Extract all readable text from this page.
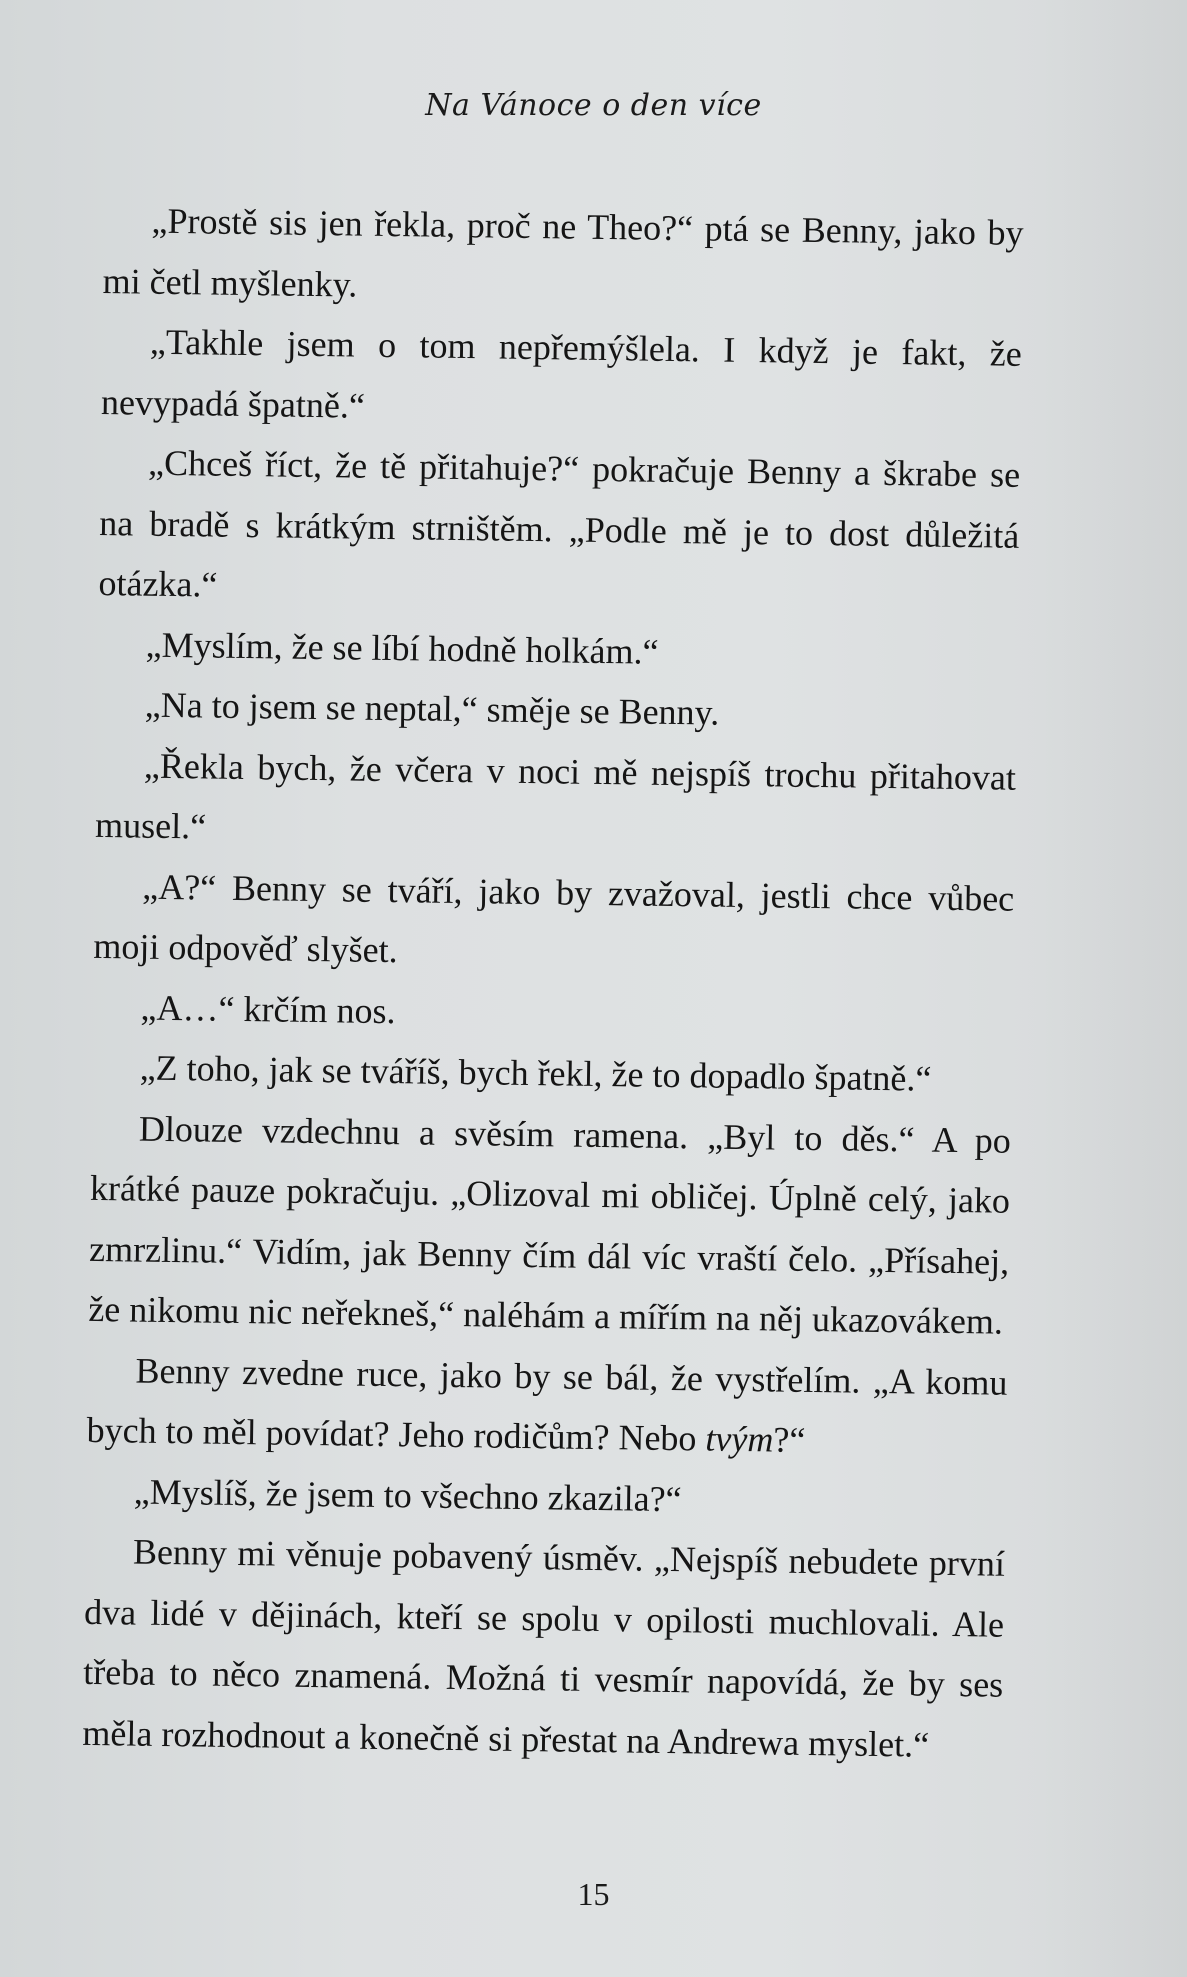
Na Vánoce o den více

„Prostě sis jen řekla, proč ne Theo?“ ptá se Benny, jako by mi četl myšlenky.

„Takhle jsem o tom nepřemýšlela. I když je fakt, že nevypadá špatně.“

„Chceš říct, že tě přitahuje?“ pokračuje Benny a škrabe se na bradě s krátkým strništěm. „Podle mě je to dost důležitá otázka.“

„Myslím, že se líbí hodně holkám.“

„Na to jsem se neptal,“ směje se Benny.

„Řekla bych, že včera v noci mě nejspíš trochu přitahovat musel.“

„A?“ Benny se tváří, jako by zvažoval, jestli chce vůbec moji odpověď slyšet.

„A…“ krčím nos.

„Z toho, jak se tváříš, bych řekl, že to dopadlo špatně.“

Dlouze vzdechnu a svěsím ramena. „Byl to děs.“ A po krátké pauze pokračuju. „Olizoval mi obličej. Úplně celý, jako zmrzlinu.“ Vidím, jak Benny čím dál víc vraští čelo. „Přísahej, že nikomu nic neřekneš,“ naléhám a mířím na něj ukazovákem.

Benny zvedne ruce, jako by se bál, že vystřelím. „A komu bych to měl povídat? Jeho rodičům? Nebo tvým?“

„Myslíš, že jsem to všechno zkazila?“

Benny mi věnuje pobavený úsměv. „Nejspíš nebudete první dva lidé v dějinách, kteří se spolu v opilosti muchlovali. Ale třeba to něco znamená. Možná ti vesmír napovídá, že by ses měla rozhodnout a konečně si přestat na Andrewa myslet.“

15
